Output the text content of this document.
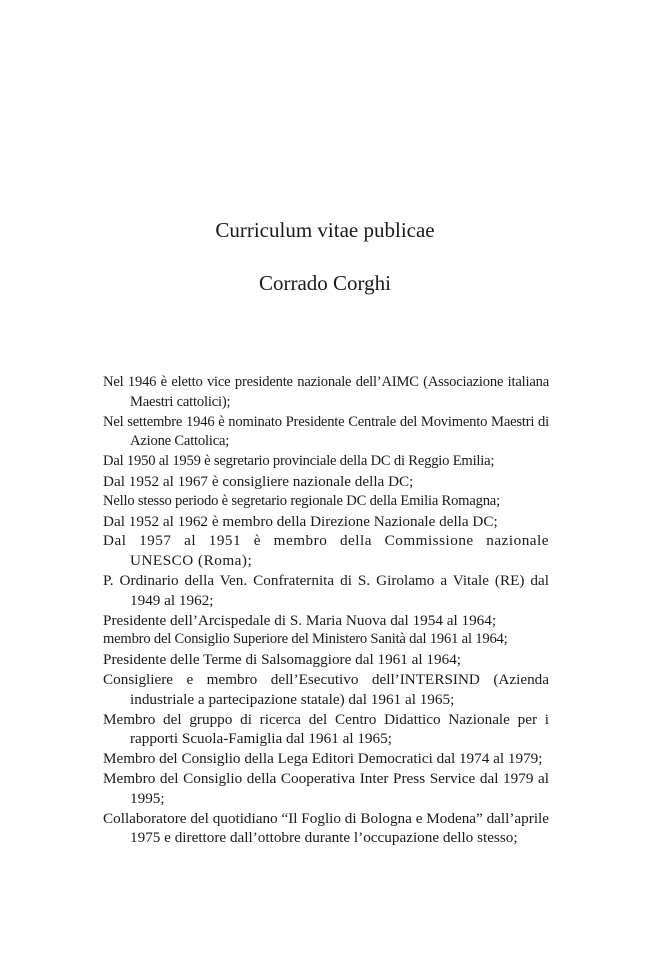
Curriculum vitae publicae
Corrado Corghi
Nel 1946 è eletto vice presidente nazionale dell’AIMC (Associazione italiana Maestri cattolici);
Nel settembre 1946 è nominato Presidente Centrale del Movimento Maestri di Azione Cattolica;
Dal 1950 al 1959 è segretario provinciale della DC di Reggio Emilia;
Dal 1952 al 1967 è consigliere nazionale della DC;
Nello stesso periodo è segretario regionale DC della Emilia Romagna;
Dal 1952 al 1962 è membro della Direzione Nazionale della DC;
Dal 1957 al 1951 è membro della Commissione nazionale UNESCO (Roma);
P. Ordinario della Ven. Confraternita di S. Girolamo a Vitale (RE) dal 1949 al 1962;
Presidente dell’Arcispedale di S. Maria Nuova dal 1954 al 1964;
membro del Consiglio Superiore del Ministero Sanità dal 1961 al 1964;
Presidente delle Terme di Salsomaggiore dal 1961 al 1964;
Consigliere e membro dell’Esecutivo dell’INTERSIND (Azienda industriale a partecipazione statale) dal 1961 al 1965;
Membro del gruppo di ricerca del Centro Didattico Nazionale per i rapporti Scuola-Famiglia dal 1961 al 1965;
Membro del Consiglio della Lega Editori Democratici dal 1974 al 1979;
Membro del Consiglio della Cooperativa Inter Press Service dal 1979 al 1995;
Collaboratore del quotidiano “Il Foglio di Bologna e Modena” dall’aprile 1975 e direttore dall’ottobre durante l’occupazione dello stesso;
